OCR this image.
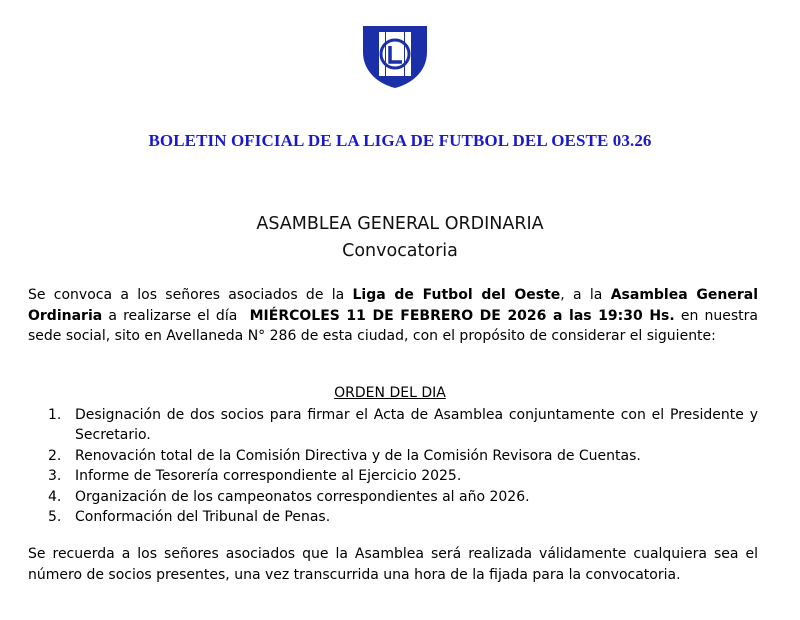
BOLETIN OFICIAL DE LA LIGA DE FUTBOL DEL OESTE 03.26
ASAMBLEA GENERAL ORDINARIA
Convocatoria
Se convoca a los señores asociados de la Liga de Futbol del Oeste, a la Asamblea General Ordinaria a realizarse el día  MIÉRCOLES 11 DE FEBRERO DE 2026 a las 19:30 Hs. en nuestra sede social, sito en Avellaneda N° 286 de esta ciudad, con el propósito de considerar el siguiente:
ORDEN DEL DIA
1. Designación de dos socios para firmar el Acta de Asamblea conjuntamente con el Presidente y Secretario.
2. Renovación total de la Comisión Directiva y de la Comisión Revisora de Cuentas.
3. Informe de Tesorería correspondiente al Ejercicio 2025.
4. Organización de los campeonatos correspondientes al año 2026.
5. Conformación del Tribunal de Penas.
Se recuerda a los señores asociados que la Asamblea será realizada válidamente cualquiera sea el número de socios presentes, una vez transcurrida una hora de la fijada para la convocatoria.
